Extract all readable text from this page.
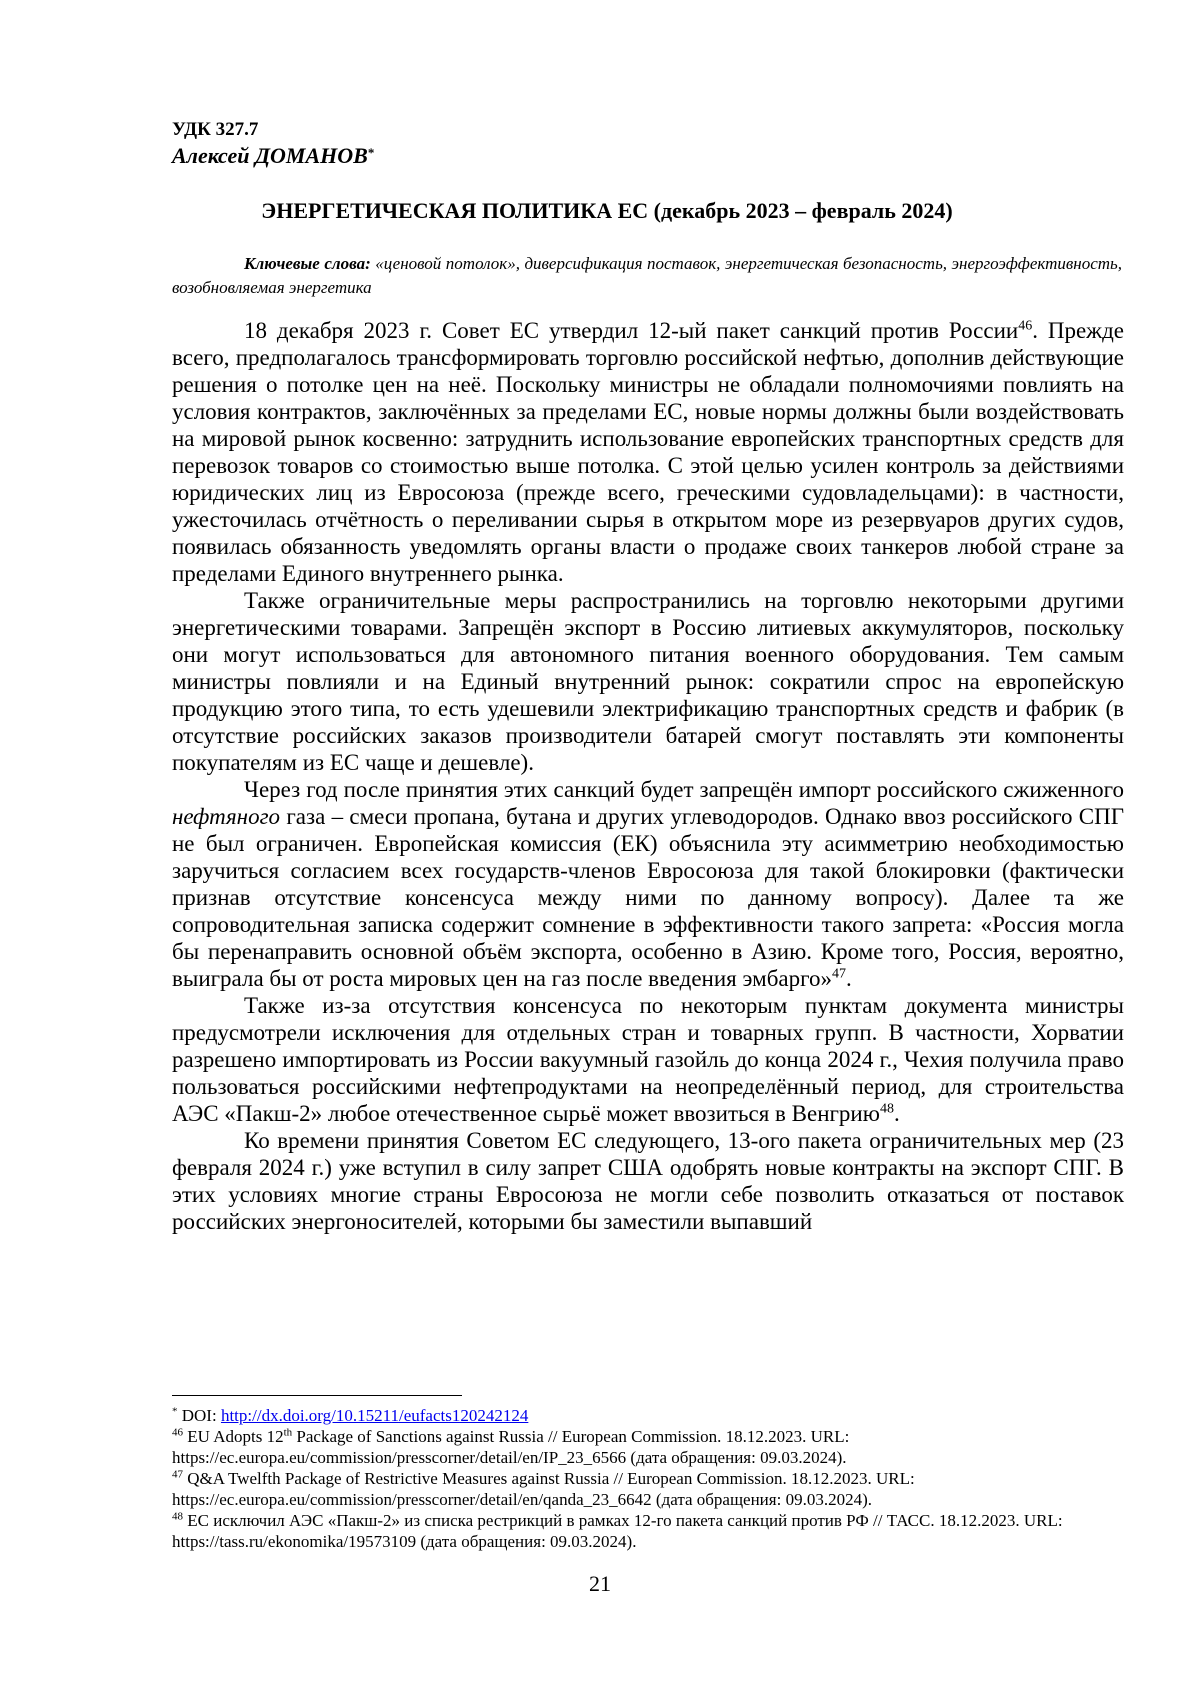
УДК 327.7
Алексей ДОМАНОВ*
ЭНЕРГЕТИЧЕСКАЯ ПОЛИТИКА ЕС (декабрь 2023 – февраль 2024)
Ключевые слова: «ценовой потолок», диверсификация поставок, энергетическая безопасность, энергоэффективность, возобновляемая энергетика

18 декабря 2023 г. Совет ЕС утвердил 12-ый пакет санкций против России$^{46}$. Прежде всего, предполагалось трансформировать торговлю российской нефтью, дополнив действующие решения о потолке цен на неё. Поскольку министры не обладали полномочиями повлиять на условия контрактов, заключённых за пределами ЕС, новые нормы должны были воздействовать на мировой рынок косвенно: затруднить использование европейских транспортных средств для перевозок товаров со стоимостью выше потолка. С этой целью усилен контроль за действиями юридических лиц из Евросоюза (прежде всего, греческими судовладельцами): в частности, ужесточилась отчётность о переливании сырья в открытом море из резервуаров других судов, появилась обязанность уведомлять органы власти о продаже своих танкеров любой стране за пределами Единого внутреннего рынка.

Также ограничительные меры распространились на торговлю некоторыми другими энергетическими товарами. Запрещён экспорт в Россию литиевых аккумуляторов, поскольку они могут использоваться для автономного питания военного оборудования. Тем самым министры повлияли и на Единый внутренний рынок: сократили спрос на европейскую продукцию этого типа, то есть удешевили электрификацию транспортных средств и фабрик (в отсутствие российских заказов производители батарей смогут поставлять эти компоненты покупателям из ЕС чаще и дешевле).

Через год после принятия этих санкций будет запрещён импорт российского сжиженного нефтяного газа – смеси пропана, бутана и других углеводородов. Однако ввоз российского СПГ не был ограничен. Европейская комиссия (ЕК) объяснила эту асимметрию необходимостью заручиться согласием всех государств-членов Евросоюза для такой блокировки (фактически признав отсутствие консенсуса между ними по данному вопросу). Далее та же сопроводительная записка содержит сомнение в эффективности такого запрета: «Россия могла бы перенаправить основной объём экспорта, особенно в Азию. Кроме того, Россия, вероятно, выиграла бы от роста мировых цен на газ после введения эмбарго»$^{47}$.

Также из-за отсутствия консенсуса по некоторым пунктам документа министры предусмотрели исключения для отдельных стран и товарных групп. В частности, Хорватии разрешено импортировать из России вакуумный газойль до конца 2024 г., Чехия получила право пользоваться российскими нефтепродуктами на неопределённый период, для строительства АЭС «Пакш-2» любое отечественное сырьё может ввозиться в Венгрию$^{48}$.

Ко времени принятия Советом ЕС следующего, 13-ого пакета ограничительных мер (23 февраля 2024 г.) уже вступил в силу запрет США одобрять новые контракты на экспорт СПГ. В этих условиях многие страны Евросоюза не могли себе позволить отказаться от поставок российских энергоносителей, которыми бы заместили выпавший

* DOI: http://dx.doi.org/10.15211/eufacts120242124

$^{46}$ EU Adopts 12th Package of Sanctions against Russia // European Commission. 18.12.2023. URL: https://ec.europa.eu/commission/presscorner/detail/en/IP_23_6566 (дата обращения: 09.03.2024).

$^{47}$ Q&A Twelfth Package of Restrictive Measures against Russia // European Commission. 18.12.2023. URL: https://ec.europa.eu/commission/presscorner/detail/en/qanda_23_6642 (дата обращения: 09.03.2024).

$^{48}$ ЕС исключил АЭС «Пакш-2» из списка рестрикций в рамках 12-го пакета санкций против РФ // ТАСС. 18.12.2023. URL: https://tass.ru/ekonomika/19573109 (дата обращения: 09.03.2024).

21
